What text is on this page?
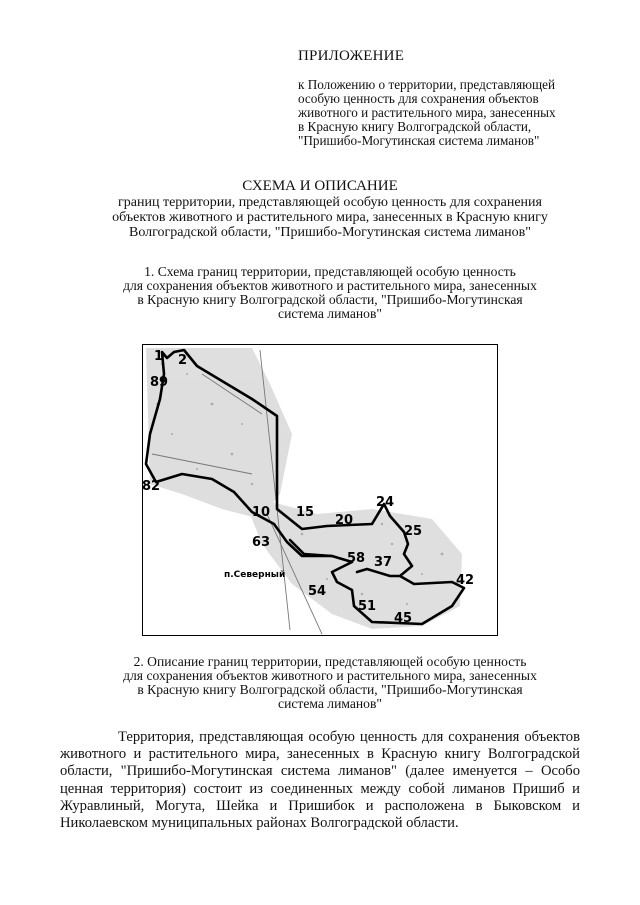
ПРИЛОЖЕНИЕ
к Положению о территории, представляющей
особую ценность для сохранения объектов
животного и растительного мира, занесенных
в Красную книгу Волгоградской области,
"Пришибо-Могутинская система лиманов"
СХЕМА И ОПИСАНИЕ
границ территории, представляющей особую ценность для сохранения
объектов животного и растительного мира, занесенных в Красную книгу
Волгоградской области, "Пришибо-Могутинская система лиманов"
1. Схема границ территории, представляющей особую ценность
для сохранения объектов животного и растительного мира, занесенных
в Красную книгу Волгоградской области, "Пришибо-Могутинская
система лиманов"
1 2
89
82
10 15
20
24
25
63
58 37
42
54
51
45
п.Северный
2. Описание границ территории, представляющей особую ценность
для сохранения объектов животного и растительного мира, занесенных
в Красную книгу Волгоградской области, "Пришибо-Могутинская
система лиманов"

Территория, представляющая особую ценность для сохранения объектов животного и растительного мира, занесенных в Красную книгу Волгоградской области, "Пришибо-Могутинская система лиманов" (далее именуется – Особо ценная территория) состоит из соединенных между собой лиманов Пришиб и Журавлиный, Могута, Шейка и Пришибок и расположена в Быковском и Николаевском муниципальных районах Волгоградской области.
